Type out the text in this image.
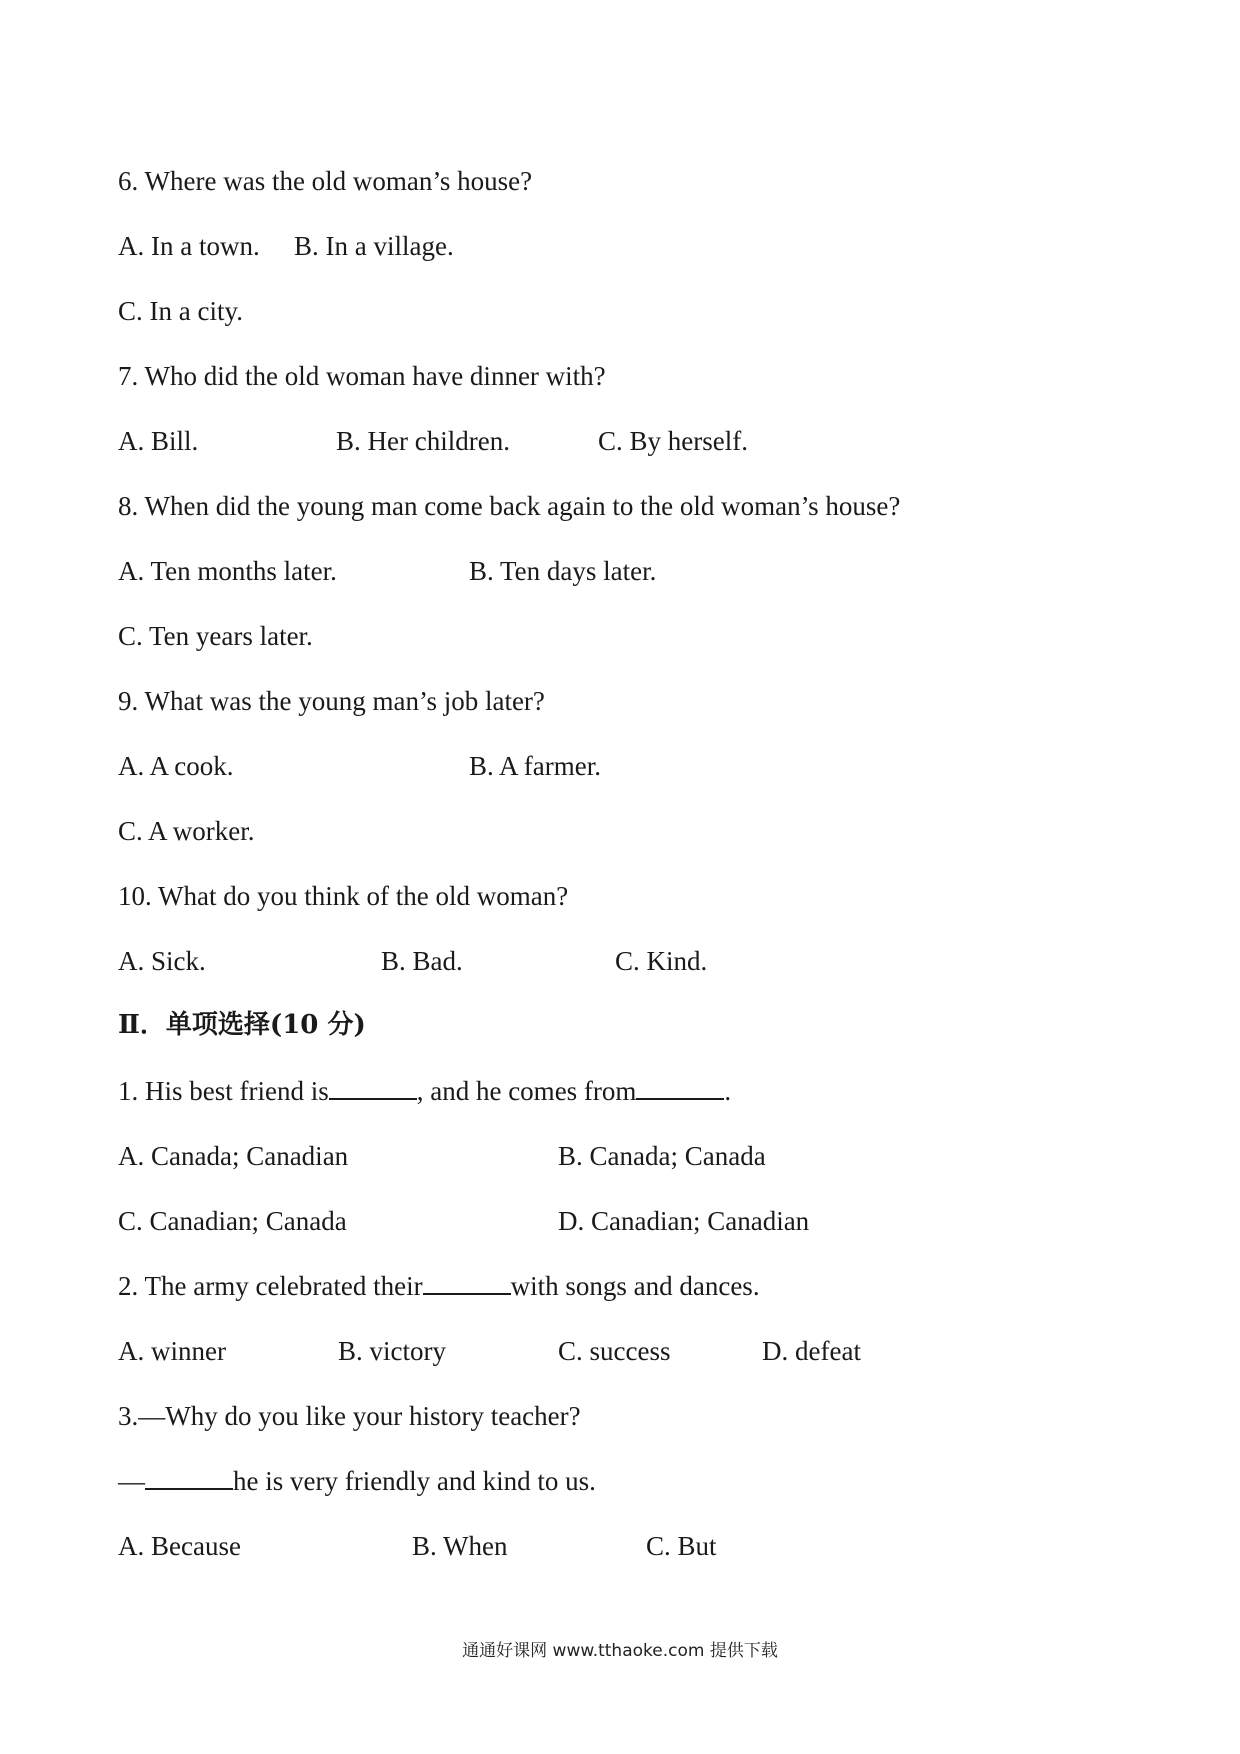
6. Where was the old woman’s house?
A. In a town. B. In a village.
C. In a city.
7. Who did the old woman have dinner with?
A. Bill.	B. Her children.	C. By herself.
8. When did the young man come back again to the old woman’s house?
A. Ten months later.	B. Ten days later.
C. Ten years later.
9. What was the young man’s job later?
A. A cook.	B. A farmer.
C. A worker.
10. What do you think of the old woman?
A. Sick.	B. Bad.	C. Kind.
Ⅱ．单项选择(10 分)
1. His best friend is	, and he comes from	.
A. Canada; Canadian	B. Canada; Canada
C. Canadian; Canada	D. Canadian; Canadian
2. The army celebrated their	with songs and dances.
A. winner	B. victory	C. success	D. defeat
3.—Why do you like your history teacher?
—	he is very friendly and kind to us.
A. Because	B. When	C. But
通通好课网 www.tthaoke.com 提供下载
